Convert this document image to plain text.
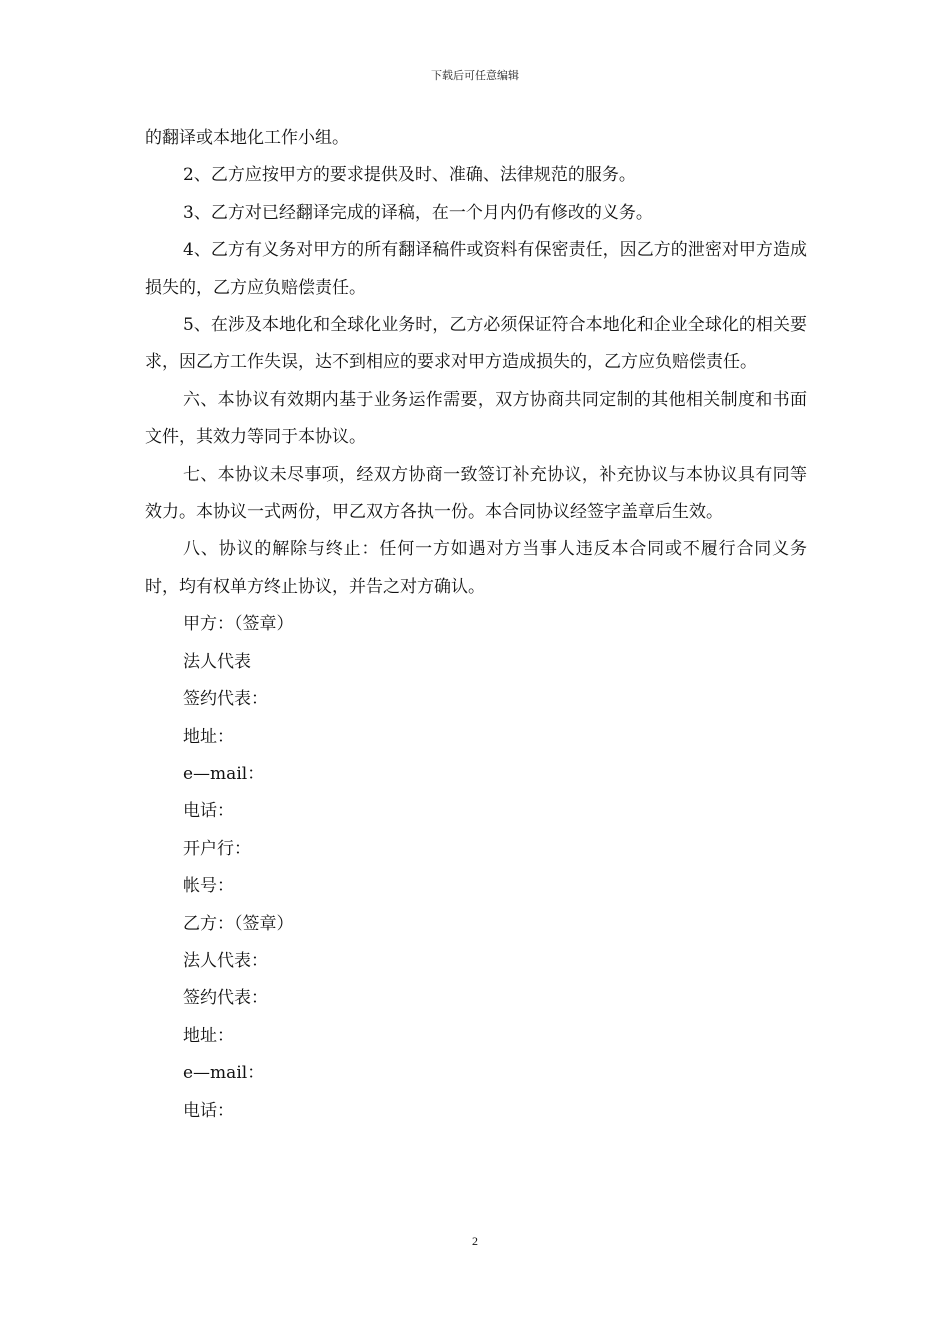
下载后可任意编辑

的翻译或本地化工作小组。

2、乙方应按甲方的要求提供及时、准确、法律规范的服务。

3、乙方对已经翻译完成的译稿，在一个月内仍有修改的义务。

4、乙方有义务对甲方的所有翻译稿件或资料有保密责任，因乙方的泄密对甲方造成损失的，乙方应负赔偿责任。

5、在涉及本地化和全球化业务时，乙方必须保证符合本地化和企业全球化的相关要求，因乙方工作失误，达不到相应的要求对甲方造成损失的，乙方应负赔偿责任。

六、本协议有效期内基于业务运作需要，双方协商共同定制的其他相关制度和书面文件，其效力等同于本协议。

七、本协议未尽事项，经双方协商一致签订补充协议，补充协议与本协议具有同等效力。本协议一式两份，甲乙双方各执一份。本合同协议经签字盖章后生效。

八、协议的解除与终止：任何一方如遇对方当事人违反本合同或不履行合同义务时，均有权单方终止协议，并告之对方确认。

甲方：（签章）

法人代表

签约代表：

地址：

e—mail：

电话：

开户行：

帐号：

乙方：（签章）

法人代表：

签约代表：

地址：

e—mail：

电话：

2
